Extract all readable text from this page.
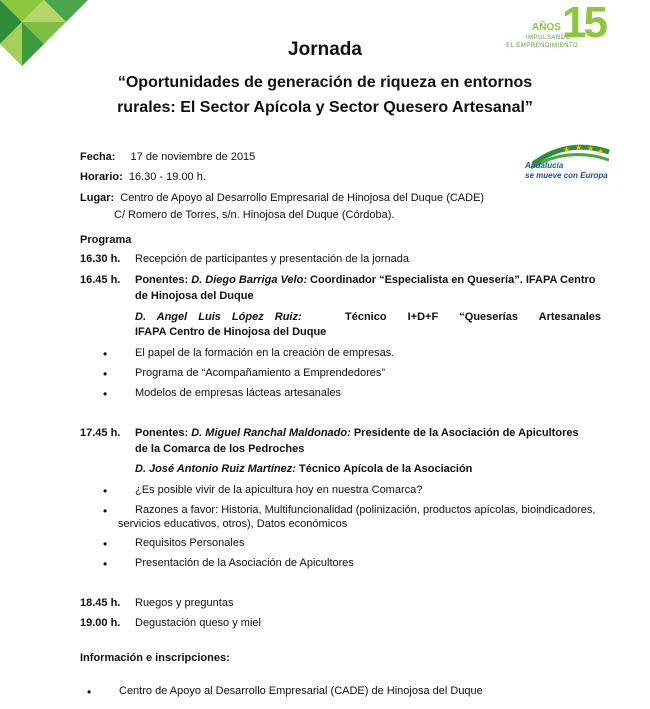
AÑOS
IMPULSANDO
EL EMPRENDIMIENTO
15
Jornada
“Oportunidades de generación de riqueza en entornos
rurales: El Sector Apícola y Sector Quesero Artesanal”
★ ★ ★ ★
Andalucía
se mueve con Europa
Fecha: 17 de noviembre de 2015
Horario: 16.30 - 19.00 h.
Lugar: Centro de Apoyo al Desarrollo Empresarial de Hinojosa del Duque (CADE)
C/ Romero de Torres, s/n. Hinojosa del Duque (Córdoba).
Programa
16.30 h. Recepción de participantes y presentación de la jornada
16.45 h. Ponentes: D. Diego Barriga Velo: Coordinador “Especialista en Quesería”. IFAPA Centro
de Hinojosa del Duque
D. Angel Luis López Ruiz:	Técnico I+D+F “Queserías Artesanales
IFAPA Centro de Hinojosa del Duque
• El papel de la formación en la creación de empresas.
• Programa de “Acompañamiento a Emprendedores”
• Modelos de empresas lácteas artesanales
17.45 h. Ponentes: D. Miguel Ranchal Maldonado: Presidente de la Asociación de Apicultores
de la Comarca de los Pedroches
D. José Antonio Ruiz Martínez: Técnico Apícola de la Asociación
• ¿Es posible vivir de la apicultura hoy en nuestra Comarca?
• Razones a favor: Historia, Multifuncionalidad (polinización, productos apícolas, bioindicadores,
servicios educativos, otros), Datos económicos
• Requisitos Personales
• Presentación de la Asociación de Apicultores
18.45 h. Ruegos y preguntas
19.00 h. Degustación queso y miel
Información e inscripciones:
• Centro de Apoyo al Desarrollo Empresarial (CADE) de Hinojosa del Duque
